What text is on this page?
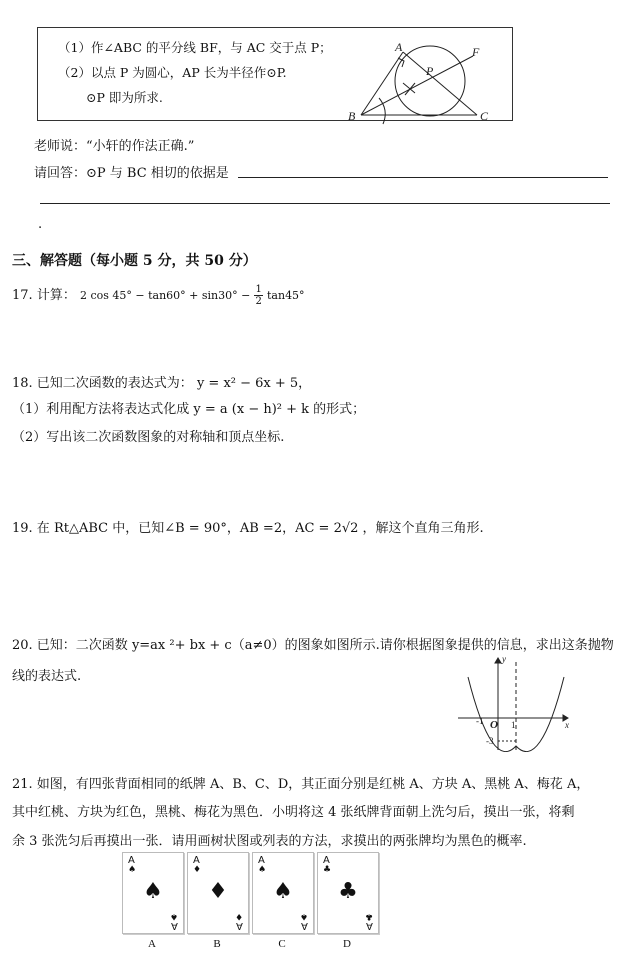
（1）作∠ABC 的平分线 BF，与 AC 交于点 P；
（2）以点 P 为圆心，AP 长为半径作⊙P.
⊙P 即为所求.
A
B	C
F
P
老师说：“小轩的作法正确.”
请回答：⊙P 与 BC 相切的依据是
.
三、解答题（每小题 5 分，共 50 分）
17. 计算： 2 $\cos 45^\circ - \tan 60^\circ + \sin 30^\circ - \frac{1}{2} \tan 45^\circ$
18. 已知二次函数的表达式为： y = x² − 6x + 5，
（1）利用配方法将表达式化成 y = a (x − h)² + k 的形式；
（2）写出该二次函数图象的对称轴和顶点坐标.
19. 在 Rt△ABC 中，已知∠B = 90°，AB =2，AC = 2√2 ，解这个直角三角形.
20. 已知：二次函数 y=ax ²+ bx + c（a≠0）的图象如图所示.请你根据图象提供的信息，求出这条抛物
线的表达式.
y
x
O
-1	1
-3
21. 如图，有四张背面相同的纸牌 A、B、C、D，其正面分别是红桃 A、方块 A、黑桃 A、梅花 A，
其中红桃、方块为红色，黑桃、梅花为黑色．小明将这 4 张纸牌背面朝上洗匀后，摸出一张，将剩
余 3 张洗匀后再摸出一张．请用画树状图或列表的方法，求摸出的两张牌均为黑色的概率.
A
♠
♠
♠
A
A
A
♦
♦
♦
A
B
A
♠
♠
♠
A
C
A
♣
♣
♣
A
D
